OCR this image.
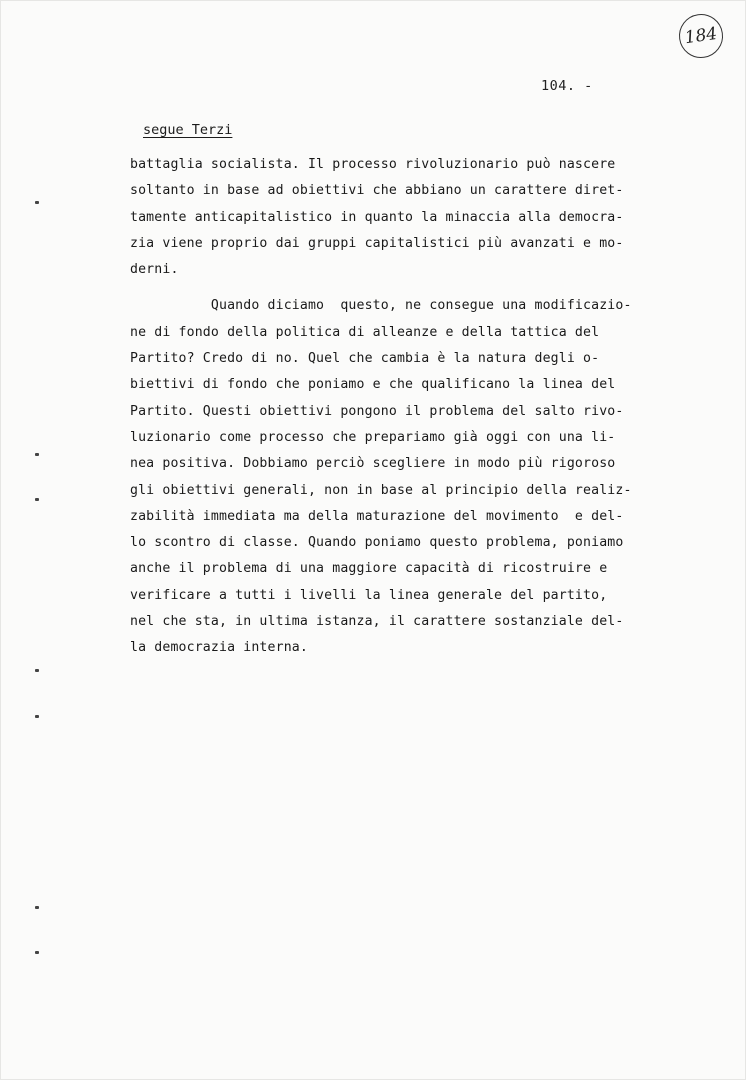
184
104. -
segue Terzi
battaglia socialista. Il processo rivoluzionario può nascere
soltanto in base ad obiettivi che abbiano un carattere diret-
tamente anticapitalistico in quanto la minaccia alla democra-
zia viene proprio dai gruppi capitalistici più avanzati e mo-
derni.
Quando diciamo  questo, ne consegue una modificazio-
ne di fondo della politica di alleanze e della tattica del
Partito? Credo di no. Quel che cambia è la natura degli o-
biettivi di fondo che poniamo e che qualificano la linea del
Partito. Questi obiettivi pongono il problema del salto rivo-
luzionario come processo che prepariamo già oggi con una li-
nea positiva. Dobbiamo perciò scegliere in modo più rigoroso
gli obiettivi generali, non in base al principio della realiz-
zabilità immediata ma della maturazione del movimento  e del-
lo scontro di classe. Quando poniamo questo problema, poniamo
anche il problema di una maggiore capacità di ricostruire e
verificare a tutti i livelli la linea generale del partito,
nel che sta, in ultima istanza, il carattere sostanziale del-
la democrazia interna.
